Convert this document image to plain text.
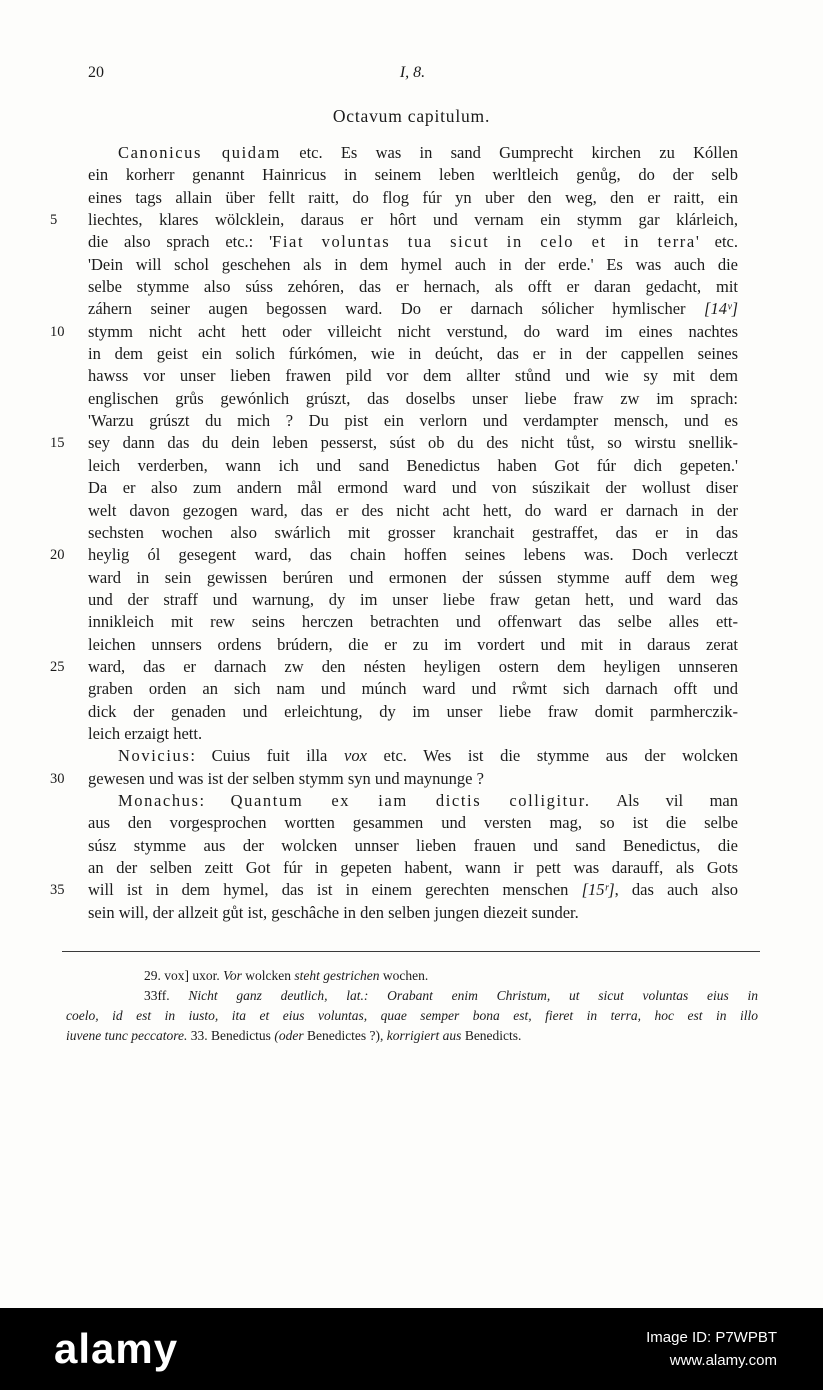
20	I, 8.
Octavum capitulum.
Canonicus quidam etc. Es was in sand Gumprecht kirchen zu Kóllen
ein korherr genannt Hainricus in seinem leben werltleich genůg, do der selb
eines tags allain über fellt raitt, do flog fúr yn uber den weg, den er raitt, ein
5	liechtes, klares wölcklein, daraus er hôrt und vernam ein stymm gar klárleich,
die also sprach etc.: 'Fiat voluntas tua sicut in celo et in terra' etc.
'Dein will schol geschehen als in dem hymel auch in der erde.' Es was auch die
selbe stymme also súss zehóren, das er hernach, als offt er daran gedacht, mit
záhern seiner augen begossen ward. Do er darnach sólicher hymlischer [14ᵛ]
10	stymm nicht acht hett oder villeicht nicht verstund, do ward im eines nachtes
in dem geist ein solich fúrkómen, wie in deúcht, das er in der cappellen seines
hawss vor unser lieben frawen pild vor dem allter stůnd und wie sy mit dem
englischen grůs gewónlich grúszt, das doselbs unser liebe fraw zw im sprach:
'Warzu grúszt du mich ? Du pist ein verlorn und verdampter mensch, und es
15	sey dann das du dein leben pesserst, súst ob du des nicht tůst, so wirstu snellik-
leich verderben, wann ich und sand Benedictus haben Got fúr dich gepeten.'
Da er also zum andern mål ermond ward und von súszikait der wollust diser
welt davon gezogen ward, das er des nicht acht hett, do ward er darnach in der
sechsten wochen also swárlich mit grosser kranchait gestraffet, das er in das
20	heylig ól gesegent ward, das chain hoffen seines lebens was. Doch verleczt
ward in sein gewissen berúren und ermonen der sússen stymme auff dem weg
und der straff und warnung, dy im unser liebe fraw getan hett, und ward das
innikleich mit rew seins herczen betrachten und offenwart das selbe alles ett-
leichen unnsers ordens brúdern, die er zu im vordert und mit in daraus zerat
25	ward, das er darnach zw den nésten heyligen ostern dem heyligen unnseren
graben orden an sich nam und múnch ward und rẘmt sich darnach offt und
dick der genaden und erleichtung, dy im unser liebe fraw domit parmherczik-
leich erzaigt hett.
Novicius: Cuius fuit illa vox etc. Wes ist die stymme aus der wolcken
30	gewesen und was ist der selben stymm syn und maynunge ?
Monachus: Quantum ex iam dictis colligitur. Als vil man
aus den vorgesprochen wortten gesammen und versten mag, so ist die selbe
súsz stymme aus der wolcken unnser lieben frauen und sand Benedictus, die
an der selben zeitt Got fúr in gepeten habent, wann ir pett was darauff, als Gots
35	will ist in dem hymel, das ist in einem gerechten menschen [15ʳ], das auch also
sein will, der allzeit gůt ist, geschâche in den selben jungen diezeit sunder.
29. vox] uxor. Vor wolcken steht gestrichen wochen.
33ff. Nicht ganz deutlich, lat.: Orabant enim Christum, ut sicut voluntas eius in
coelo, id est in iusto, ita et eius voluntas, quae semper bona est, fieret in terra, hoc est in illo
iuvene tunc peccatore. 33. Benedictus (oder Benedictes ?), korrigiert aus Benedicts.
alamy	Image ID: P7WPBT
www.alamy.com
